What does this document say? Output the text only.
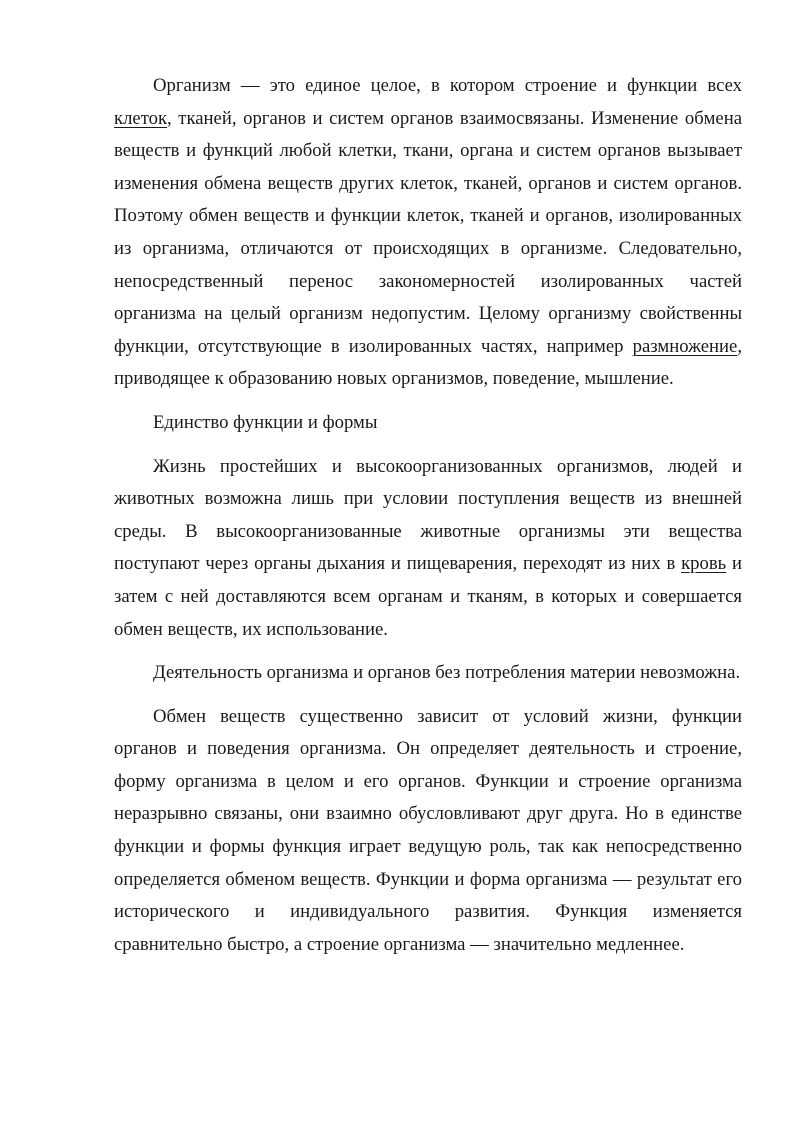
Организм — это единое целое, в котором строение и функции всех клеток, тканей, органов и систем органов взаимосвязаны. Изменение обмена веществ и функций любой клетки, ткани, органа и систем органов вызывает изменения обмена веществ других клеток, тканей, органов и систем органов. Поэтому обмен веществ и функции клеток, тканей и органов, изолированных из организма, отличаются от происходящих в организме. Следовательно, непосредственный перенос закономерностей изолированных частей организма на целый организм недопустим. Целому организму свойственны функции, отсутствующие в изолированных частях, например размножение, приводящее к образованию новых организмов, поведение, мышление.

Единство функции и формы

Жизнь простейших и высокоорганизованных организмов, людей и животных возможна лишь при условии поступления веществ из внешней среды. В высокоорганизованные животные организмы эти вещества поступают через органы дыхания и пищеварения, переходят из них в кровь и затем с ней доставляются всем органам и тканям, в которых и совершается обмен веществ, их использование.

Деятельность организма и органов без потребления материи невозможна.

Обмен веществ существенно зависит от условий жизни, функции органов и поведения организма. Он определяет деятельность и строение, форму организма в целом и его органов. Функции и строение организма неразрывно связаны, они взаимно обусловливают друг друга. Но в единстве функции и формы функция играет ведущую роль, так как непосредственно определяется обменом веществ. Функции и форма организма — результат его исторического и индивидуального развития. Функция изменяется сравнительно быстро, а строение организма — значительно медленнее.
